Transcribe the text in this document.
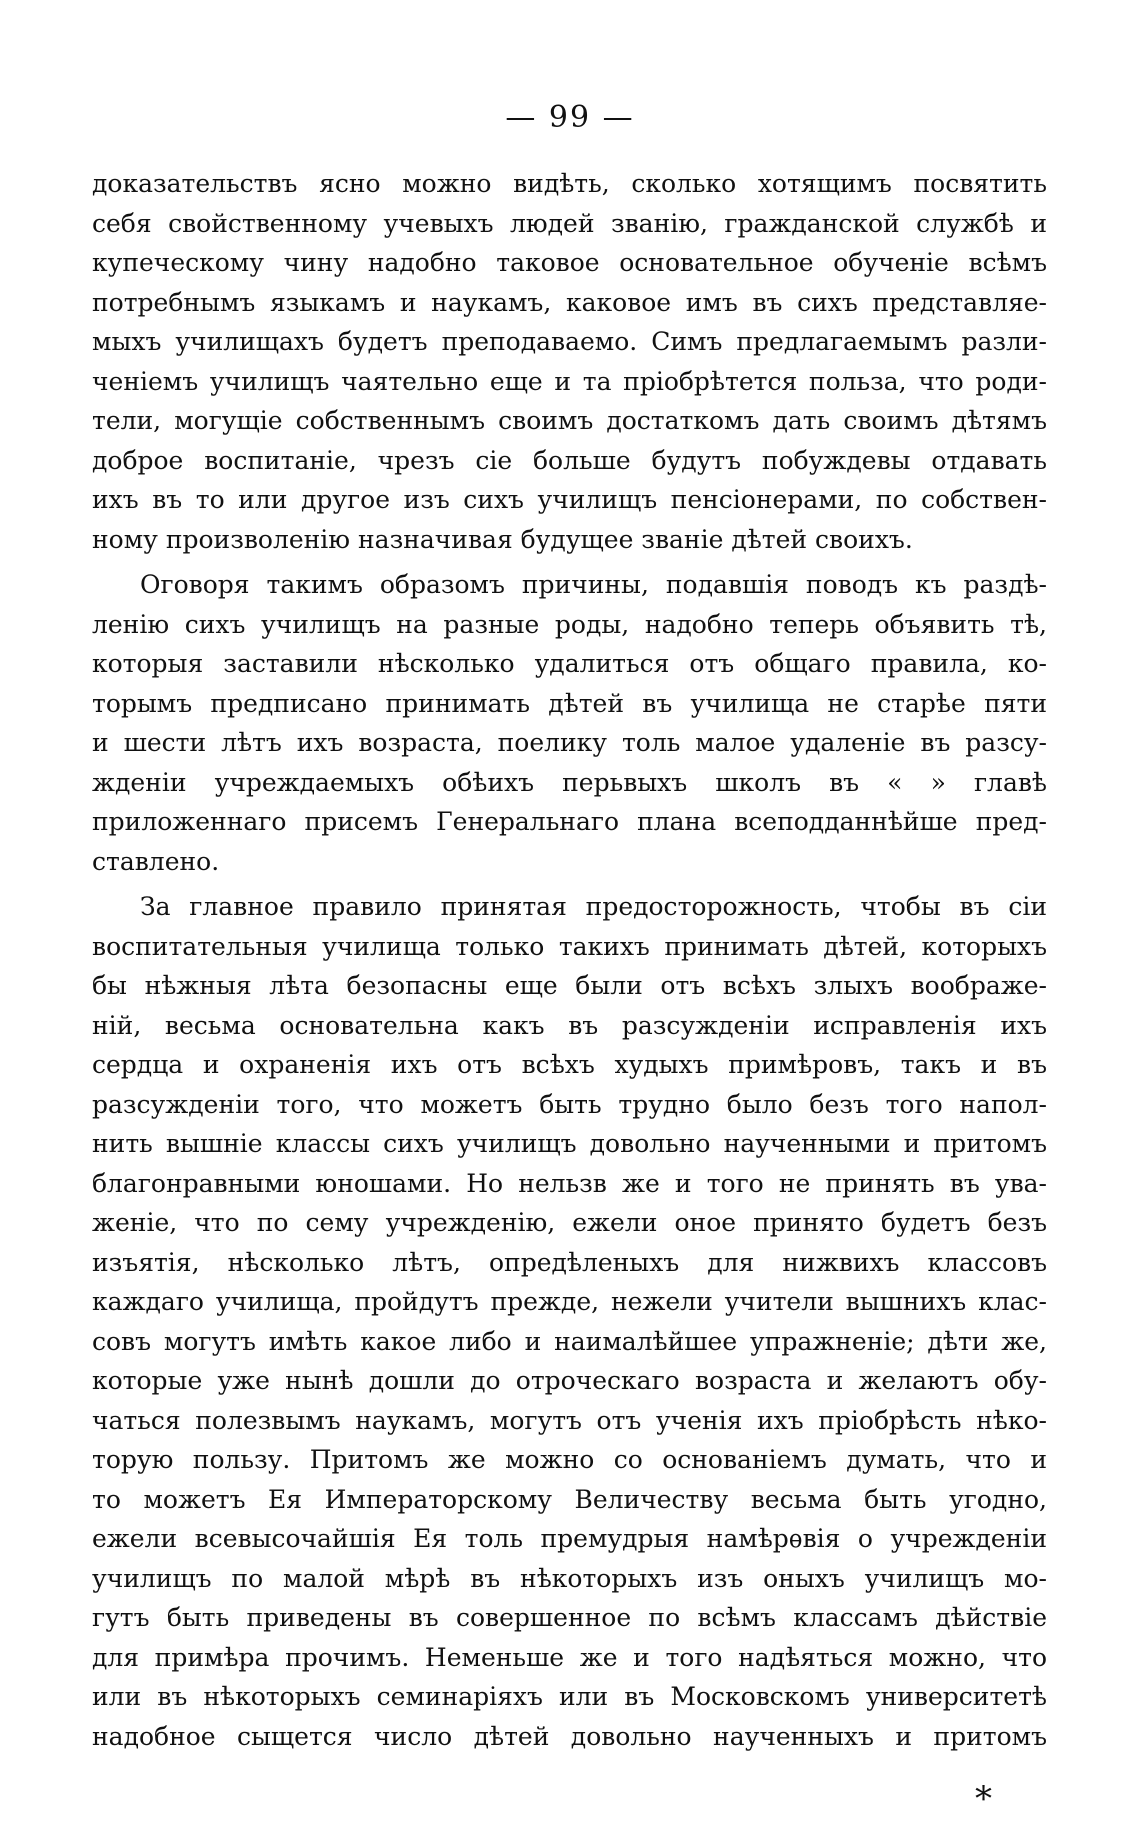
— 99 —
доказательствъ ясно можно видѣть, сколько хотящимъ посвятить
себя свойственному учевыхъ людей званію, гражданской службѣ и
купеческому чину надобно таковое основательное обученіе всѣмъ
потребнымъ языкамъ и наукамъ, каковое имъ въ сихъ представляе-
мыхъ училищахъ будетъ преподаваемо. Симъ предлагаемымъ разли-
ченіемъ училищъ чаятельно еще и та пріобрѣтется польза, что роди-
тели, могущіе собственнымъ своимъ достаткомъ дать своимъ дѣтямъ
доброе воспитаніе, чрезъ сіе больше будутъ побуждевы отдавать
ихъ въ то или другое изъ сихъ училищъ пенсіонерами, по собствен-
ному произволенію назначивая будущее званіе дѣтей своихъ.
Оговоря такимъ образомъ причины, подавшія поводъ къ раздѣ-
ленію сихъ училищъ на разные роды, надобно теперь объявить тѣ,
которыя заставили нѣсколько удалиться отъ общаго правила, ко-
торымъ предписано принимать дѣтей въ училища не старѣе пяти
и шести лѣтъ ихъ возраста, поелику толь малое удаленіе въ разсу-
жденіи учреждаемыхъ обѣихъ перьвыхъ школъ въ « » главѣ
приложеннаго присемъ Генеральнаго плана всеподданнѣйше пред-
ставлено.
За главное правило принятая предосторожность, чтобы въ сіи
воспитательныя училища только такихъ принимать дѣтей, которыхъ
бы нѣжныя лѣта безопасны еще были отъ всѣхъ злыхъ воображе-
ній, весьма основательна какъ въ разсужденіи исправленія ихъ
сердца и охраненія ихъ отъ всѣхъ худыхъ примѣровъ, такъ и въ
разсужденіи того, что можетъ быть трудно было безъ того напол-
нить вышніе классы сихъ училищъ довольно наученными и притомъ
благонравными юношами. Но нельзв же и того не принять въ ува-
женіе, что по сему учрежденію, ежели оное принято будетъ безъ
изъятія, нѣсколько лѣтъ, опредѣленыхъ для нижвихъ классовъ
каждаго училища, пройдутъ прежде, нежели учители вышнихъ клас-
совъ могутъ имѣть какое либо и наималѣйшее упражненіе; дѣти же,
которые уже нынѣ дошли до отроческаго возраста и желаютъ обу-
чаться полезвымъ наукамъ, могутъ отъ ученія ихъ пріобрѣсть нѣко-
торую пользу. Притомъ же можно со основаніемъ думать, что и
то можетъ Ея Императорскому Величеству весьма быть угодно,
ежели всевысочайшія Ея толь премудрыя намѣрѳвія о учрежденіи
училищъ по малой мѣрѣ въ нѣкоторыхъ изъ оныхъ училищъ мо-
гутъ быть приведены въ совершенное по всѣмъ классамъ дѣйствіе
для примѣра прочимъ. Неменьше же и того надѣяться можно, что
или въ нѣкоторыхъ семинаріяхъ или въ Московскомъ университетѣ
надобное сыщется число дѣтей довольно наученныхъ и притомъ
*
